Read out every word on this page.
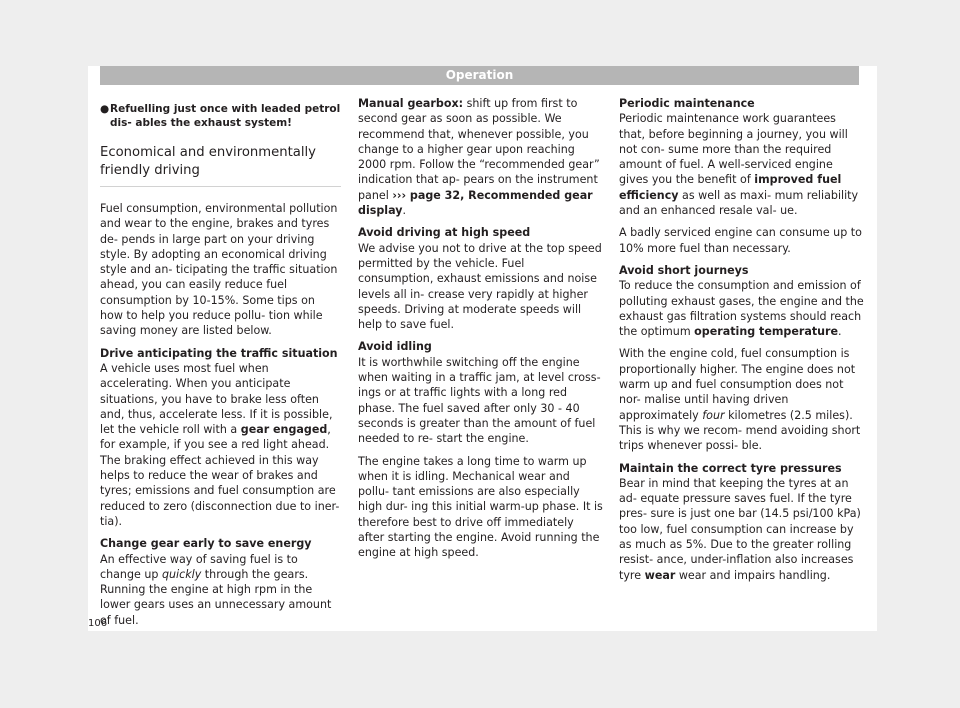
Operation
● Refuelling just once with leaded petrol dis- ables the exhaust system!
Economical and environmentally friendly driving

Fuel consumption, environmental pollution and wear to the engine, brakes and tyres de- pends in large part on your driving style. By adopting an economical driving style and an- ticipating the traffic situation ahead, you can easily reduce fuel consumption by 10-15%. Some tips on how to help you reduce pollu- tion while saving money are listed below.

Drive anticipating the traffic situation

A vehicle uses most fuel when accelerating. When you anticipate situations, you have to brake less often and, thus, accelerate less. If it is possible, let the vehicle roll with a gear engaged, for example, if you see a red light ahead. The braking effect achieved in this way helps to reduce the wear of brakes and tyres; emissions and fuel consumption are reduced to zero (disconnection due to iner- tia).

Change gear early to save energy

An effective way of saving fuel is to change up quickly through the gears. Running the engine at high rpm in the lower gears uses an unnecessary amount of fuel.

Manual gearbox: shift up from first to second gear as soon as possible. We recommend that, whenever possible, you change to a higher gear upon reaching 2000 rpm. Follow the “recommended gear” indication that ap- pears on the instrument panel ››› page 32, Recommended gear display.

Avoid driving at high speed

We advise you not to drive at the top speed permitted by the vehicle. Fuel consumption, exhaust emissions and noise levels all in- crease very rapidly at higher speeds. Driving at moderate speeds will help to save fuel.

Avoid idling

It is worthwhile switching off the engine when waiting in a traffic jam, at level cross- ings or at traffic lights with a long red phase. The fuel saved after only 30 - 40 seconds is greater than the amount of fuel needed to re- start the engine.

The engine takes a long time to warm up when it is idling. Mechanical wear and pollu- tant emissions are also especially high dur- ing this initial warm-up phase. It is therefore best to drive off immediately after starting the engine. Avoid running the engine at high speed.

Periodic maintenance

Periodic maintenance work guarantees that, before beginning a journey, you will not con- sume more than the required amount of fuel. A well-serviced engine gives you the benefit of improved fuel efficiency as well as maxi- mum reliability and an enhanced resale val- ue.

A badly serviced engine can consume up to 10% more fuel than necessary.

Avoid short journeys

To reduce the consumption and emission of polluting exhaust gases, the engine and the exhaust gas filtration systems should reach the optimum operating temperature.

With the engine cold, fuel consumption is proportionally higher. The engine does not warm up and fuel consumption does not nor- malise until having driven approximately four kilometres (2.5 miles). This is why we recom- mend avoiding short trips whenever possi- ble.

Maintain the correct tyre pressures

Bear in mind that keeping the tyres at an ad- equate pressure saves fuel. If the tyre pres- sure is just one bar (14.5 psi/100 kPa) too low, fuel consumption can increase by as much as 5%. Due to the greater rolling resist- ance, under-inflation also increases tyre wear wear and impairs handling.

106
